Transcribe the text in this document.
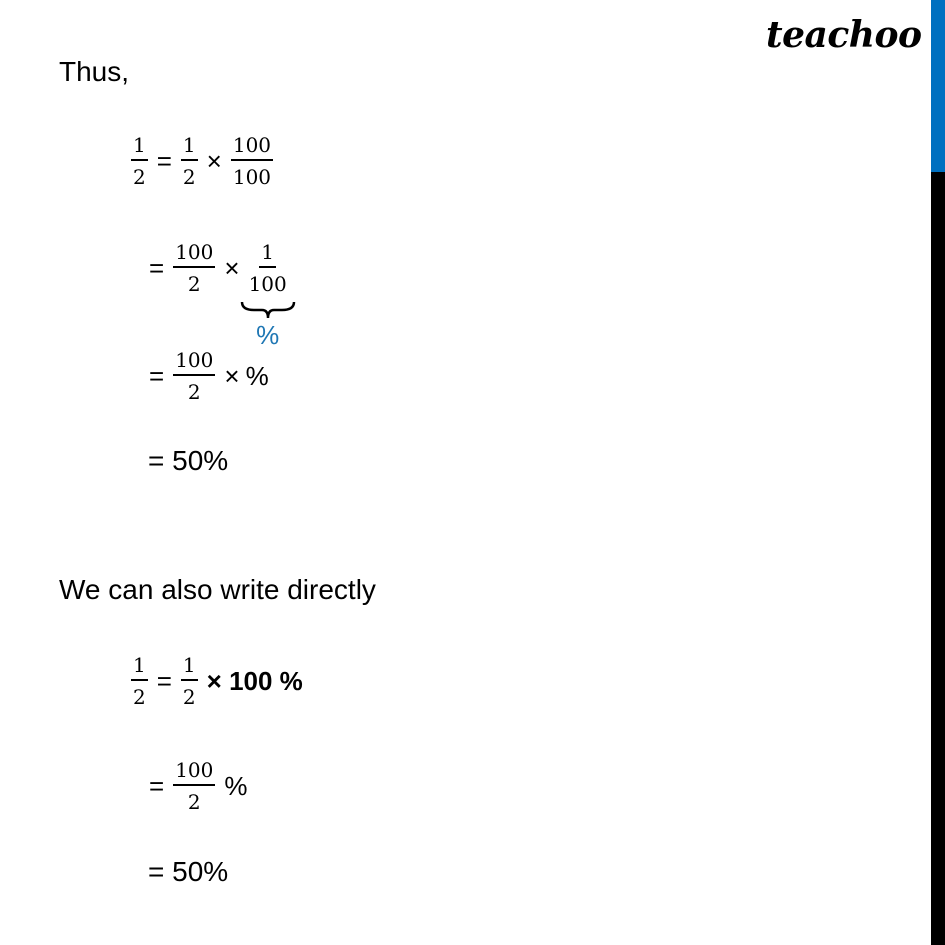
teachoo
Thus,
$\frac{1}{2} = \frac{1}{2} \times \frac{100}{100}$
= $\frac{100}{2} \times \frac{1}{100}$
%
= $\frac{100}{2}$ × %
= 50%
We can also write directly
$\frac{1}{2} = \frac{1}{2} \times 100$ %
= $\frac{100}{2}$ %
= 50%
